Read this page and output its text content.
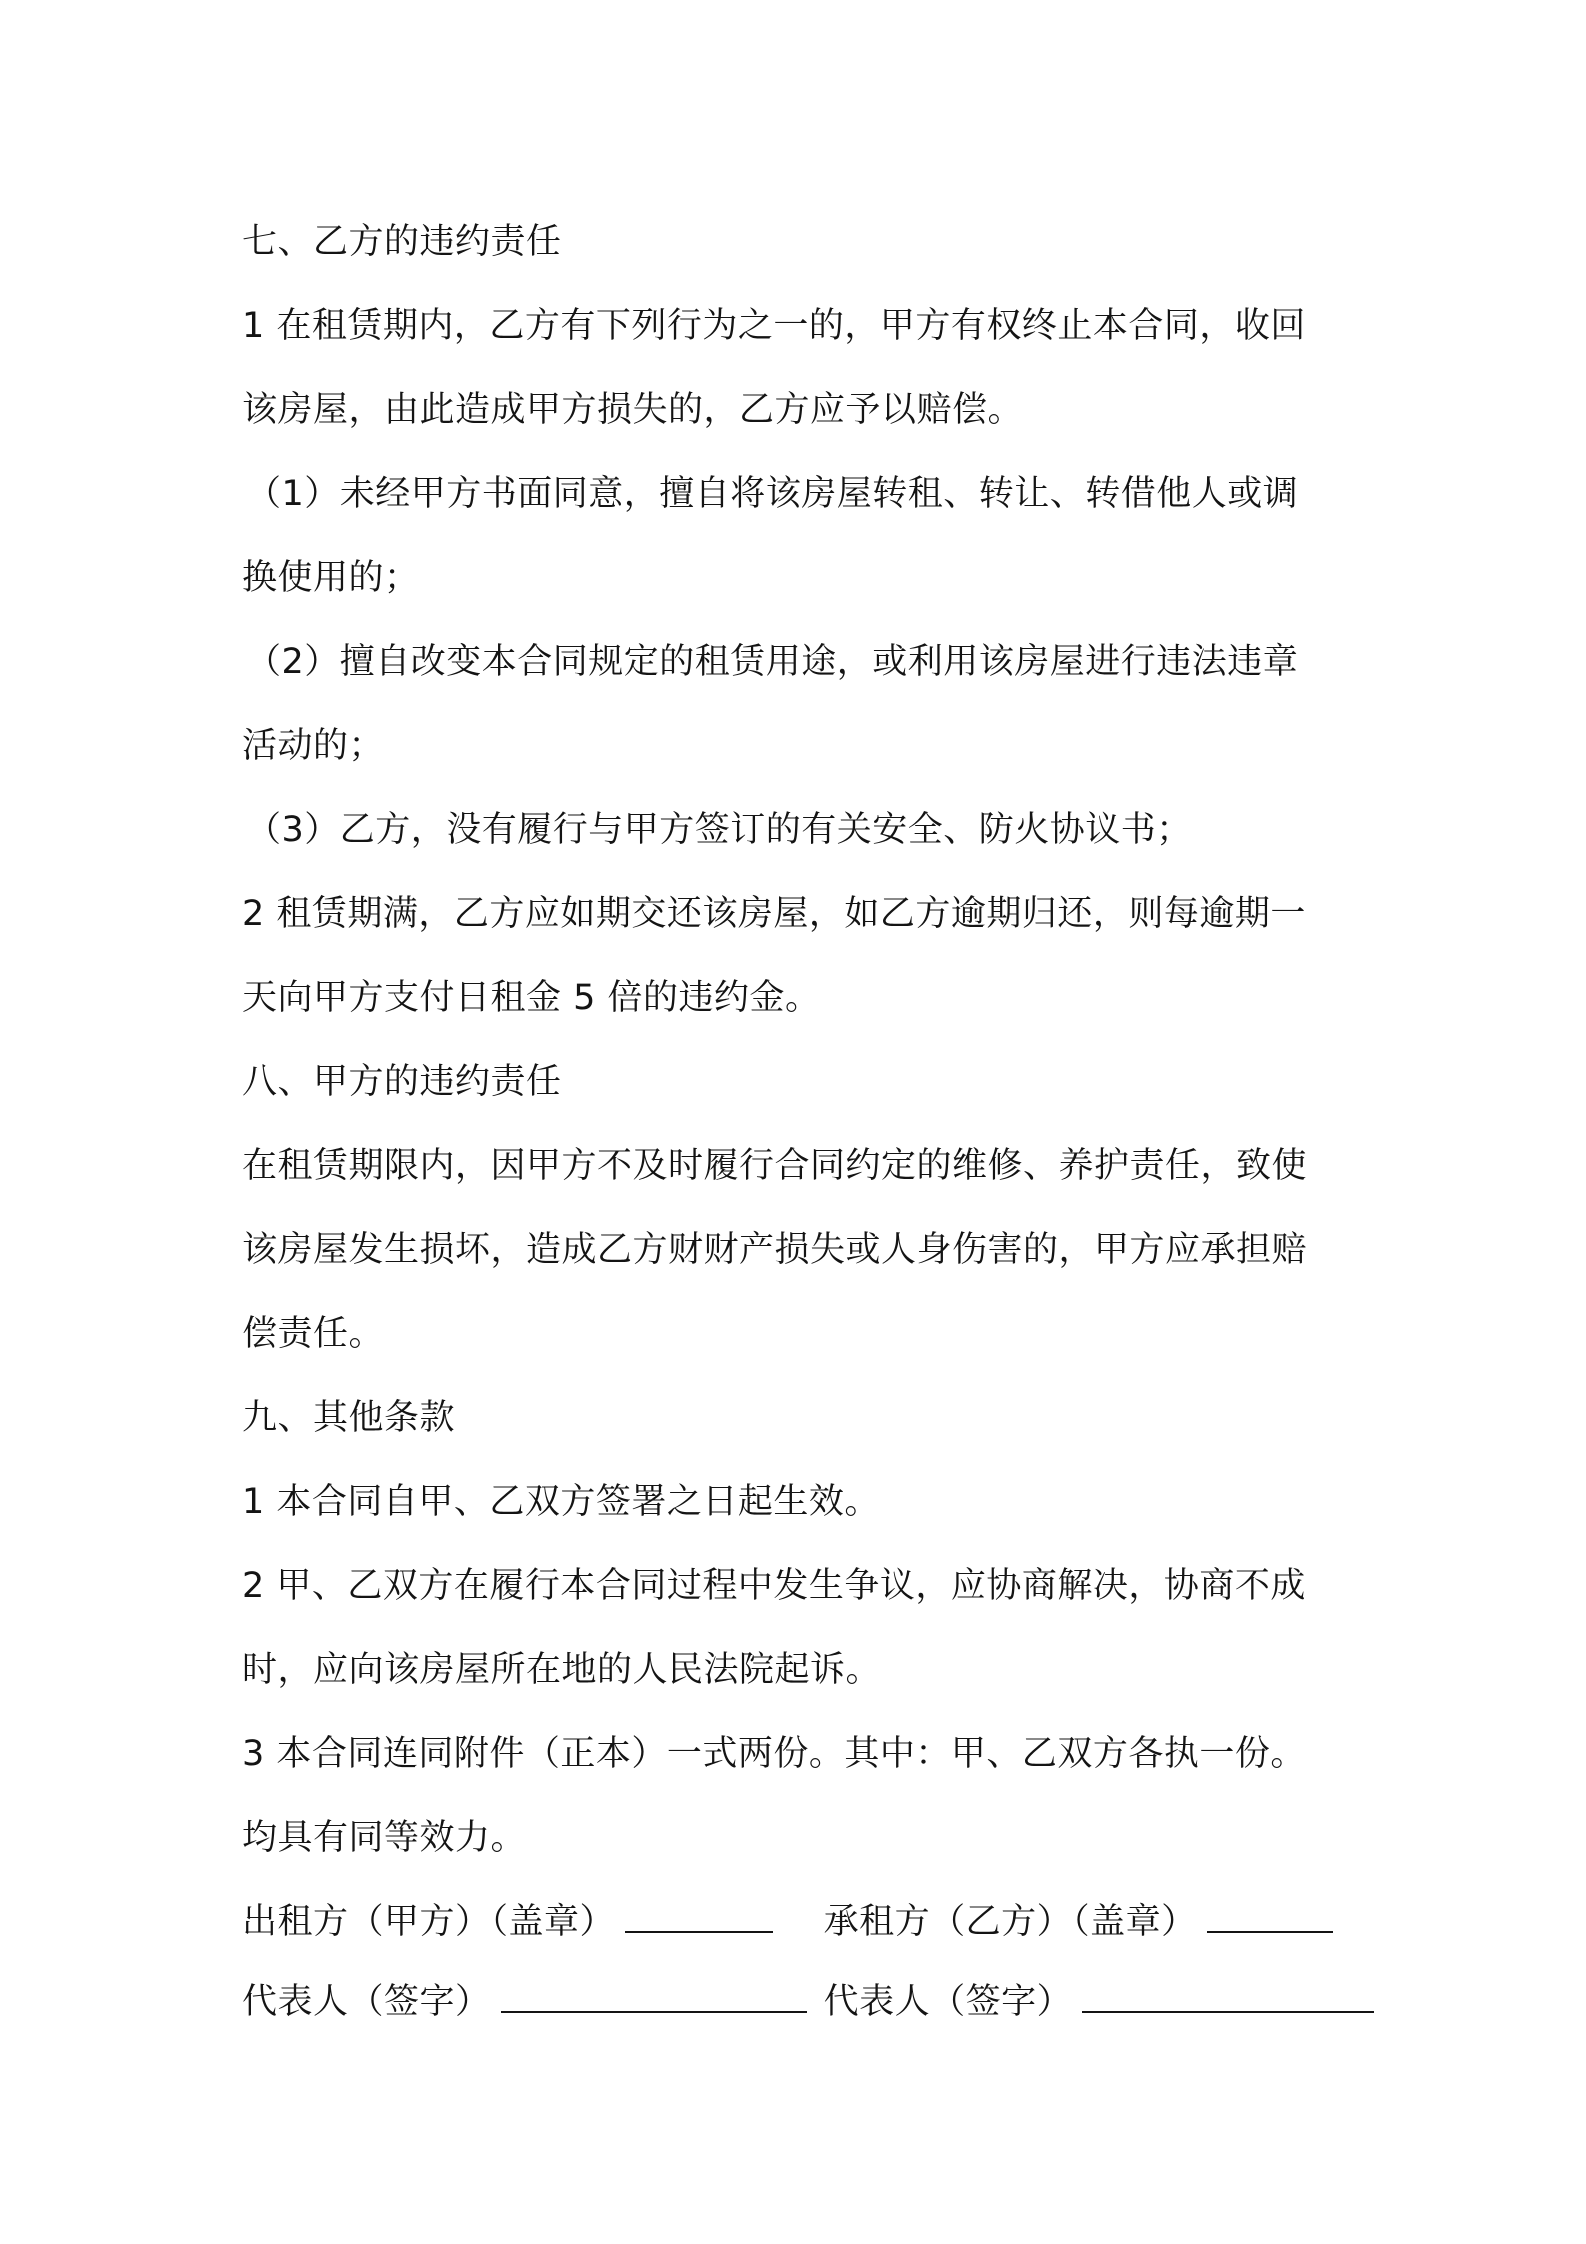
七、乙方的违约责任
1 在租赁期内，乙方有下列行为之一的，甲方有权终止本合同，收回
该房屋，由此造成甲方损失的，乙方应予以赔偿。
（1）未经甲方书面同意，擅自将该房屋转租、转让、转借他人或调
换使用的；
（2）擅自改变本合同规定的租赁用途，或利用该房屋进行违法违章
活动的；
（3）乙方，没有履行与甲方签订的有关安全、防火协议书；
2 租赁期满，乙方应如期交还该房屋，如乙方逾期归还，则每逾期一
天向甲方支付日租金 5 倍的违约金。
八、甲方的违约责任
在租赁期限内，因甲方不及时履行合同约定的维修、养护责任，致使
该房屋发生损坏，造成乙方财财产损失或人身伤害的，甲方应承担赔
偿责任。
九、其他条款
1 本合同自甲、乙双方签署之日起生效。
2 甲、乙双方在履行本合同过程中发生争议，应协商解决，协商不成
时，应向该房屋所在地的人民法院起诉。
3 本合同连同附件（正本）一式两份。其中：甲、乙双方各执一份。
均具有同等效力。
出租方（甲方）（盖章）	承租方（乙方）（盖章）
代表人（签字）	代表人（签字）
